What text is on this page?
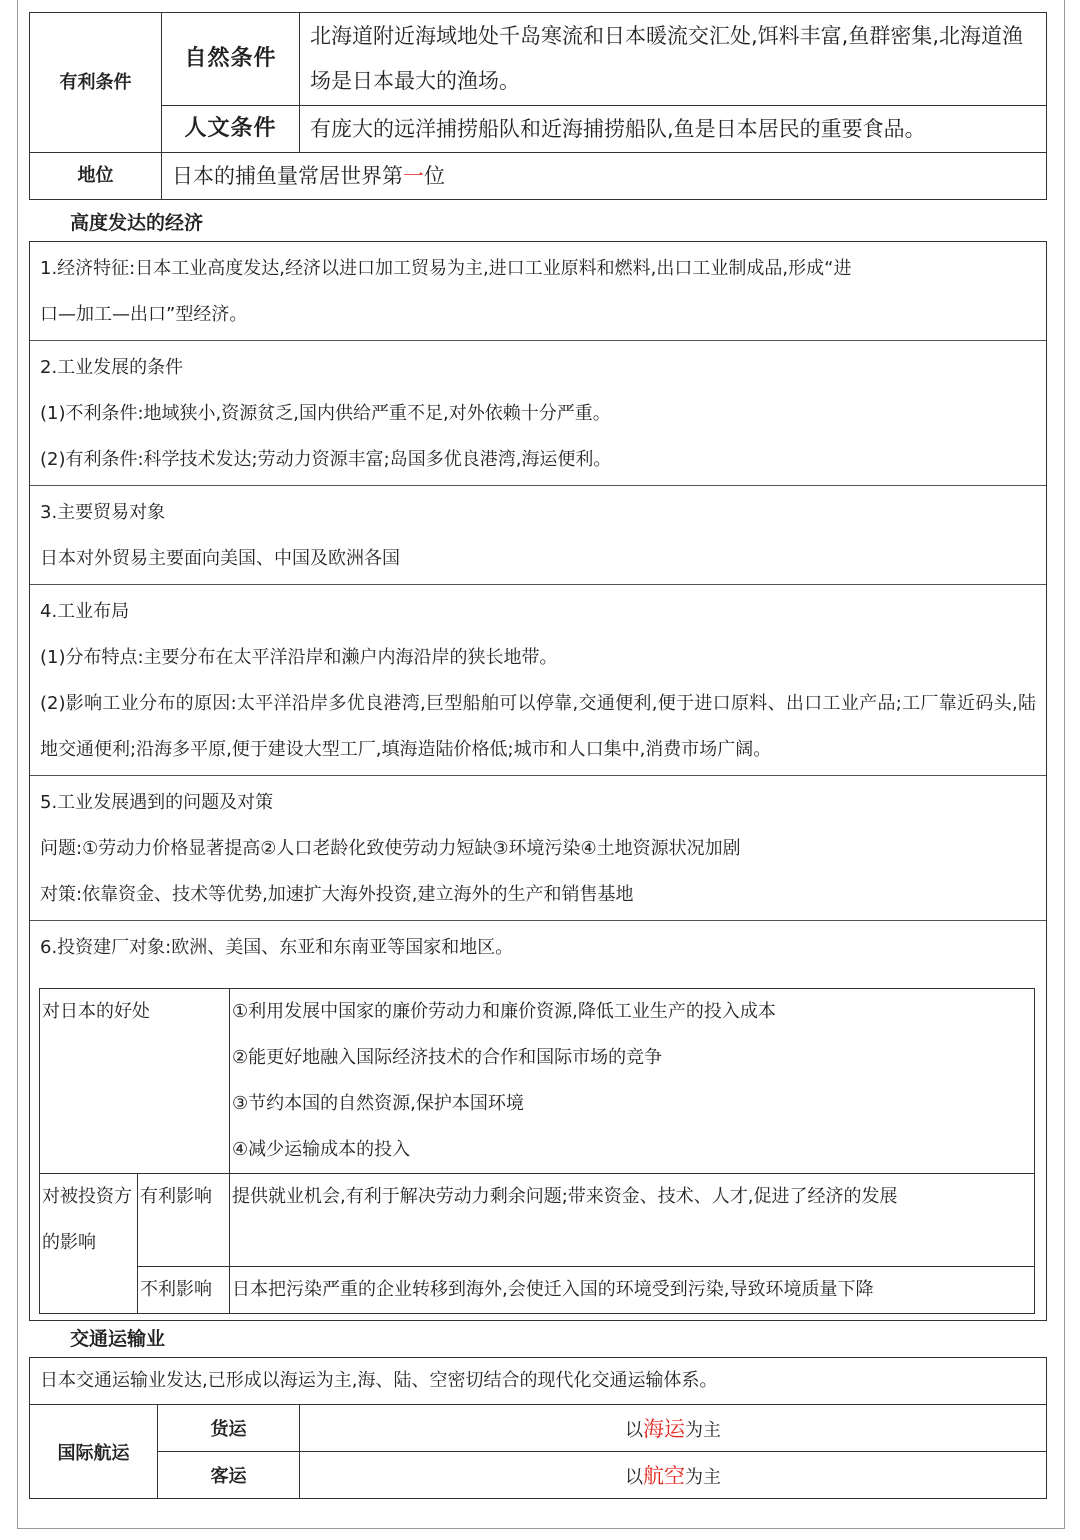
有利条件	自然条件	北海道附近海域地处千岛寒流和日本暖流交汇处,饵料丰富,鱼群密集,北海道渔场是日本最大的渔场。
	人文条件	有庞大的远洋捕捞船队和近海捕捞船队,鱼是日本居民的重要食品。
地位	日本的捕鱼量常居世界第一位	
高度发达的经济
1.经济特征:日本工业高度发达,经济以进口加工贸易为主,进口工业原料和燃料,出口工业制成品,形成“进
口—加工—出口”型经济。
2.工业发展的条件
(1)不利条件:地域狭小,资源贫乏,国内供给严重不足,对外依赖十分严重。
(2)有利条件:科学技术发达;劳动力资源丰富;岛国多优良港湾,海运便利。
3.主要贸易对象
日本对外贸易主要面向美国、中国及欧洲各国
4.工业布局
(1)分布特点:主要分布在太平洋沿岸和濑户内海沿岸的狭长地带。
(2)影响工业分布的原因:太平洋沿岸多优良港湾,巨型船舶可以停靠,交通便利,便于进口原料、出口工业产品;工厂靠近码头,陆地交通便利;沿海多平原,便于建设大型工厂,填海造陆价格低;城市和人口集中,消费市场广阔。
5.工业发展遇到的问题及对策
问题:①劳动力价格显著提高②人口老龄化致使劳动力短缺③环境污染④土地资源状况加剧
对策:依靠资金、技术等优势,加速扩大海外投资,建立海外的生产和销售基地
6.投资建厂对象:欧洲、美国、东亚和东南亚等国家和地区。
对日本的好处		①利用发展中国家的廉价劳动力和廉价资源,降低工业生产的投入成本
		②能更好地融入国际经济技术的合作和国际市场的竞争
		③节约本国的自然资源,保护本国环境
		④减少运输成本的投入
对被投资方的影响	有利影响	提供就业机会,有利于解决劳动力剩余问题;带来资金、技术、人才,促进了经济的发展
	不利影响	日本把污染严重的企业转移到海外,会使迁入国的环境受到污染,导致环境质量下降
交通运输业
日本交通运输业发达,已形成以海运为主,海、陆、空密切结合的现代化交通运输体系。
国际航运	货运	以海运为主
	客运	以航空为主
